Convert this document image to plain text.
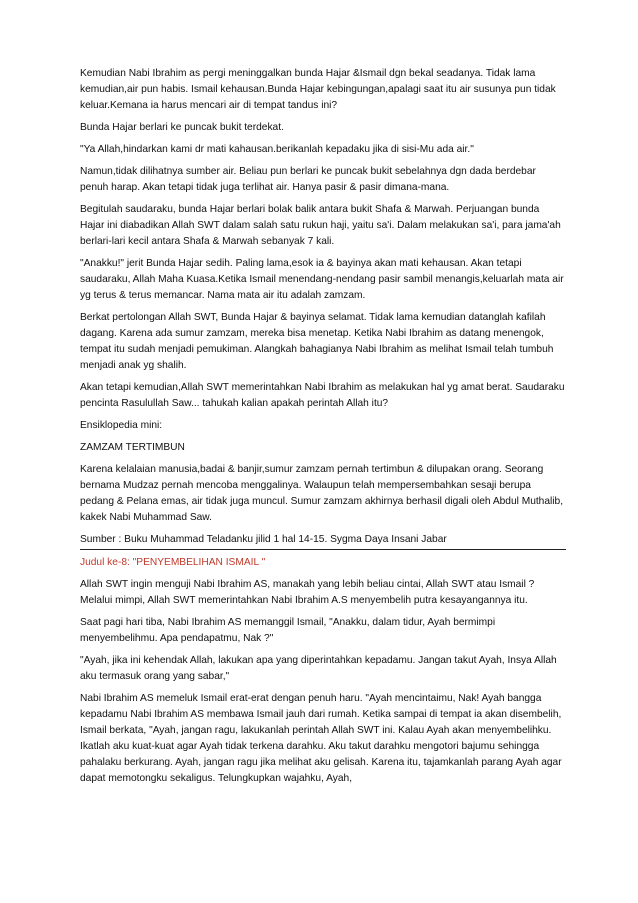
Kemudian Nabi Ibrahim as pergi meninggalkan bunda Hajar &Ismail dgn bekal seadanya. Tidak lama kemudian,air pun habis. Ismail kehausan.Bunda Hajar kebingungan,apalagi saat itu air susunya pun tidak keluar.Kemana ia harus mencari air di tempat tandus ini?

Bunda Hajar berlari ke puncak bukit terdekat.

"Ya Allah,hindarkan kami dr mati kahausan.berikanlah kepadaku jika di sisi-Mu ada air."

Namun,tidak dilihatnya sumber air. Beliau pun berlari ke puncak bukit sebelahnya dgn dada berdebar penuh harap. Akan tetapi tidak juga terlihat air. Hanya pasir & pasir dimana-mana.

Begitulah saudaraku, bunda Hajar berlari bolak balik antara bukit Shafa & Marwah. Perjuangan bunda Hajar ini diabadikan Allah SWT dalam salah satu rukun haji, yaitu sa'i. Dalam melakukan sa'i, para jama'ah berlari-lari kecil antara Shafa & Marwah sebanyak 7 kali.

"Anakku!" jerit Bunda Hajar sedih. Paling lama,esok ia & bayinya akan mati kehausan. Akan tetapi saudaraku, Allah Maha Kuasa.Ketika Ismail menendang-nendang pasir sambil menangis,keluarlah mata air yg terus & terus memancar. Nama mata air itu adalah zamzam.

Berkat pertolongan Allah SWT, Bunda Hajar & bayinya selamat. Tidak lama kemudian datanglah kafilah dagang. Karena ada sumur zamzam, mereka bisa menetap. Ketika Nabi Ibrahim as datang menengok, tempat itu sudah menjadi pemukiman. Alangkah bahagianya Nabi Ibrahim as melihat Ismail telah tumbuh menjadi anak yg shalih.

Akan tetapi kemudian,Allah SWT memerintahkan Nabi Ibrahim as melakukan hal yg amat berat. Saudaraku pencinta Rasulullah Saw... tahukah kalian apakah perintah Allah itu?

Ensiklopedia mini:

ZAMZAM TERTIMBUN

Karena kelalaian manusia,badai & banjir,sumur zamzam pernah tertimbun & dilupakan orang. Seorang bernama Mudzaz pernah mencoba menggalinya. Walaupun telah mempersembahkan sesaji berupa pedang & Pelana emas, air tidak juga muncul. Sumur zamzam akhirnya berhasil digali oleh Abdul Muthalib, kakek Nabi Muhammad Saw.

Sumber : Buku Muhammad Teladanku jilid 1 hal 14-15. Sygma Daya Insani Jabar

Judul ke-8: "PENYEMBELIHAN ISMAIL "

Allah SWT ingin menguji Nabi Ibrahim AS, manakah yang lebih beliau cintai, Allah SWT atau Ismail ? Melalui mimpi, Allah SWT memerintahkan Nabi Ibrahim A.S menyembelih putra kesayangannya itu.

Saat pagi hari tiba, Nabi Ibrahim AS memanggil Ismail, "Anakku, dalam tidur, Ayah bermimpi menyembelihmu. Apa pendapatmu, Nak ?"

"Ayah, jika ini kehendak Allah, lakukan apa yang diperintahkan kepadamu. Jangan takut Ayah, Insya Allah aku termasuk orang yang sabar,"

Nabi Ibrahim AS memeluk Ismail erat-erat dengan penuh haru. "Ayah mencintaimu, Nak! Ayah bangga kepadamu Nabi Ibrahim AS membawa Ismail jauh dari rumah. Ketika sampai di tempat ia akan disembelih, Ismail berkata, "Ayah, jangan ragu, lakukanlah perintah Allah SWT ini. Kalau Ayah akan menyembelihku. Ikatlah aku kuat-kuat agar Ayah tidak terkena darahku. Aku takut darahku mengotori bajumu sehingga pahalaku berkurang. Ayah, jangan ragu jika melihat aku gelisah. Karena itu, tajamkanlah parang Ayah agar dapat memotongku sekaligus. Telungkupkan wajahku, Ayah,
